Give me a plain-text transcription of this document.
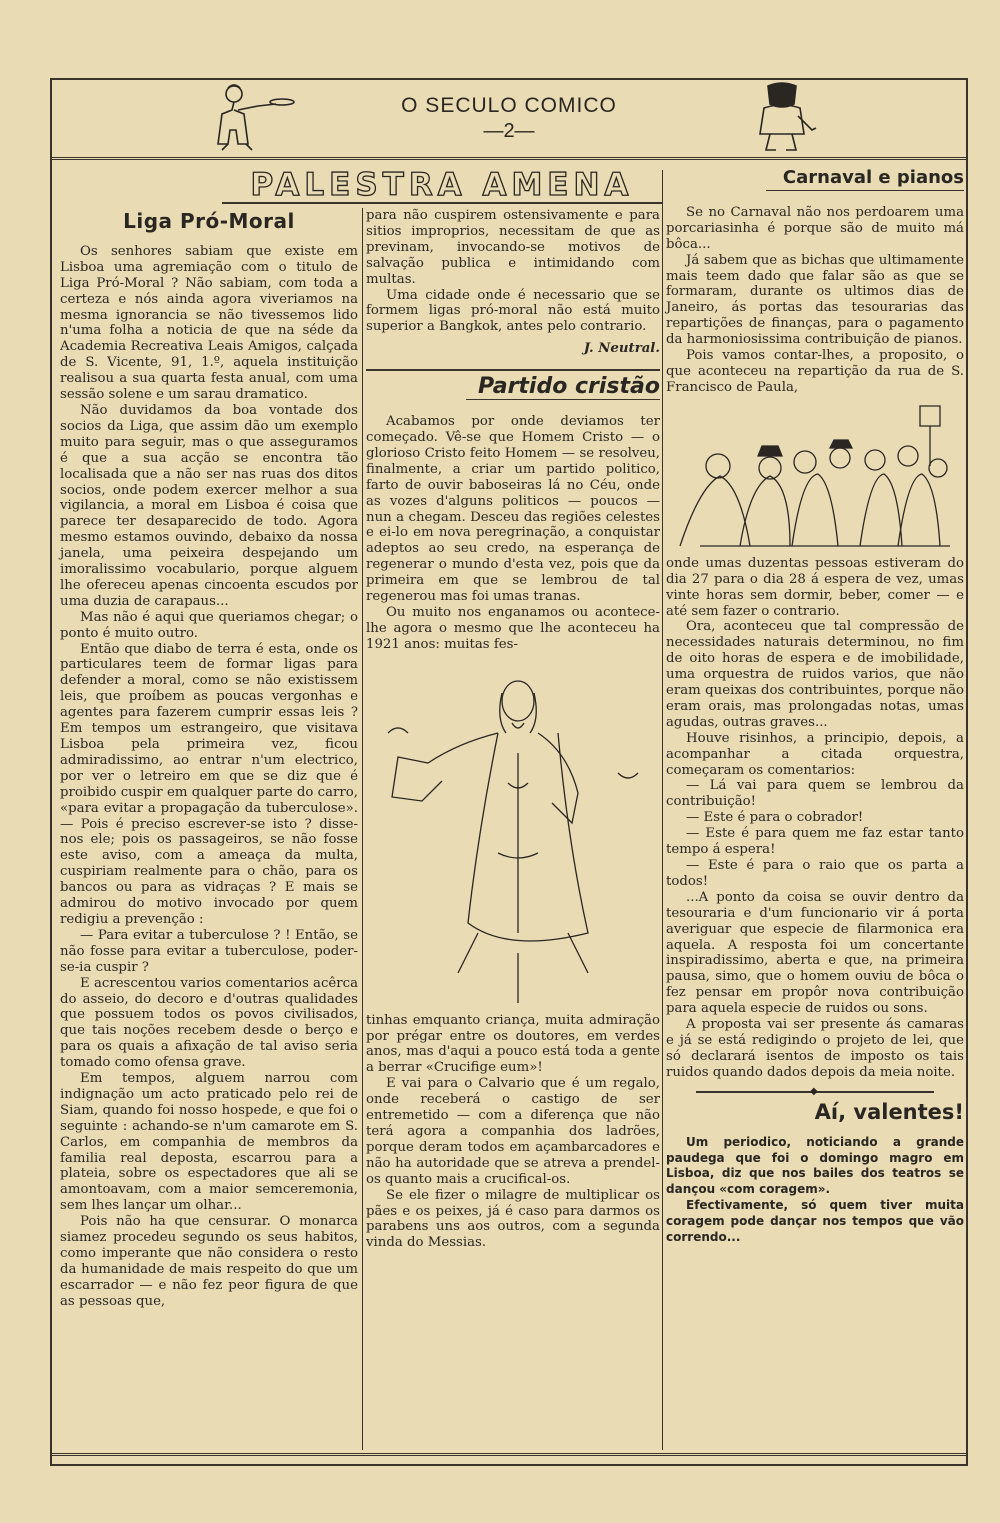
O SECULO COMICO
—2—
PALESTRA AMENA
Liga Pró-Moral

Os senhores sabiam que existe em Lisboa uma agremiação com o titulo de Liga Pró-Moral ? Não sabiam, com toda a certeza e nós ainda agora viveriamos na mesma ignorancia se não tivessemos lido n'uma folha a noticia de que na séde da Academia Recreativa Leais Amigos, calçada de S. Vicente, 91, 1.º, aquela instituição realisou a sua quarta festa anual, com uma sessão solene e um sarau dramatico.

Não duvidamos da boa vontade dos socios da Liga, que assim dão um exemplo muito para seguir, mas o que asseguramos é que a sua acção se encontra tão localisada que a não ser nas ruas dos ditos socios, onde podem exercer melhor a sua vigilancia, a moral em Lisboa é coisa que parece ter desaparecido de todo. Agora mesmo estamos ouvindo, debaixo da nossa janela, uma peixeira despejando um imoralissimo vocabulario, porque alguem lhe ofereceu apenas cincoenta escudos por uma duzia de carapaus...

Mas não é aqui que queriamos chegar; o ponto é muito outro.

Então que diabo de terra é esta, onde os particulares teem de formar ligas para defender a moral, como se não existissem leis, que proíbem as poucas vergonhas e agentes para fazerem cumprir essas leis ? Em tempos um estrangeiro, que visitava Lisboa pela primeira vez, ficou admiradissimo, ao entrar n'um electrico, por ver o letreiro em que se diz que é proibido cuspir em qualquer parte do carro, «para evitar a propagação da tuberculose». — Pois é preciso escrever-se isto ? disse-nos ele; pois os passageiros, se não fosse este aviso, com a ameaça da multa, cuspiriam realmente para o chão, para os bancos ou para as vidraças ? E mais se admirou do motivo invocado por quem redigiu a prevenção :

— Para evitar a tuberculose ? ! Então, se não fosse para evitar a tuberculose, poder-se-ia cuspir ?

E acrescentou varios comentarios acêrca do asseio, do decoro e d'outras qualidades que possuem todos os povos civilisados, que tais noções recebem desde o berço e para os quais a afixação de tal aviso seria tomado como ofensa grave.

Em tempos, alguem narrou com indignação um acto praticado pelo rei de Siam, quando foi nosso hospede, e que foi o seguinte : achando-se n'um camarote em S. Carlos, em companhia de membros da familia real deposta, escarrou para a plateia, sobre os espectadores que ali se amontoavam, com a maior semceremonia, sem lhes lançar um olhar...

Pois não ha que censurar. O monarca siamez procedeu segundo os seus habitos, como imperante que não considera o resto da humanidade de mais respeito do que um escarrador — e não fez peor figura de que as pessoas que,

para não cuspirem ostensivamente e para sitios improprios, necessitam de que as previnam, invocando-se motivos de salvação publica e intimidando com multas.

Uma cidade onde é necessario que se formem ligas pró-moral não está muito superior a Bangkok, antes pelo contrario.

J. Neutral.
Partido cristão

Acabamos por onde deviamos ter começado. Vê-se que Homem Cristo — o glorioso Cristo feito Homem — se resolveu, finalmente, a criar um partido politico, farto de ouvir baboseiras lá no Céu, onde as vozes d'alguns politicos — poucos — nun a chegam. Desceu das regiões celestes e ei-lo em nova peregrinação, a conquistar adeptos ao seu credo, na esperança de regenerar o mundo d'esta vez, pois que da primeira em que se lembrou de tal regenerou mas foi umas tranas.

Ou muito nos enganamos ou acontece-lhe agora o mesmo que lhe aconteceu ha 1921 anos: muitas fes-

tinhas emquanto criança, muita admiração por prégar entre os doutores, em verdes anos, mas d'aqui a pouco está toda a gente a berrar «Crucifige eum»!

E vai para o Calvario que é um regalo, onde receberá o castigo de ser entremetido — com a diferença que não terá agora a companhia dos ladrões, porque deram todos em açambarcadores e não ha autoridade que se atreva a prendel-os quanto mais a crucifical-os.

Se ele fizer o milagre de multiplicar os pães e os peixes, já é caso para darmos os parabens uns aos outros, com a segunda vinda do Messias.

Carnaval e pianos

Se no Carnaval não nos perdoarem uma porcariasinha é porque são de muito má bôca...

Já sabem que as bichas que ultimamente mais teem dado que falar são as que se formaram, durante os ultimos dias de Janeiro, ás portas das tesourarias das repartições de finanças, para o pagamento da harmoniosissima contribuição de pianos.

Pois vamos contar-lhes, a proposito, o que aconteceu na repartição da rua de S. Francisco de Paula,

onde umas duzentas pessoas estiveram do dia 27 para o dia 28 á espera de vez, umas vinte horas sem dormir, beber, comer — e até sem fazer o contrario.

Ora, aconteceu que tal compressão de necessidades naturais determinou, no fim de oito horas de espera e de imobilidade, uma orquestra de ruidos varios, que não eram queixas dos contribuintes, porque não eram orais, mas prolongadas notas, umas agudas, outras graves...

Houve risinhos, a principio, depois, a acompanhar a citada orquestra, começaram os comentarios:

— Lá vai para quem se lembrou da contribuição!

— Este é para o cobrador!

— Este é para quem me faz estar tanto tempo á espera!

— Este é para o raio que os parta a todos!

...A ponto da coisa se ouvir dentro da tesouraria e d'um funcionario vir á porta averiguar que especie de filarmonica era aquela. A resposta foi um concertante inspiradissimo, aberta e que, na primeira pausa, simo, que o homem ouviu de bôca o fez pensar em propôr nova contribuição para aquela especie de ruidos ou sons.

A proposta vai ser presente ás camaras e já se está redigindo o projeto de lei, que só declarará isentos de imposto os tais ruidos quando dados depois da meia noite.

◆
Aí, valentes!

Um periodico, noticiando a grande paudega que foi o domingo magro em Lisboa, diz que nos bailes dos teatros se dançou «com coragem».

Efectivamente, só quem tiver muita coragem pode dançar nos tempos que vão correndo...
